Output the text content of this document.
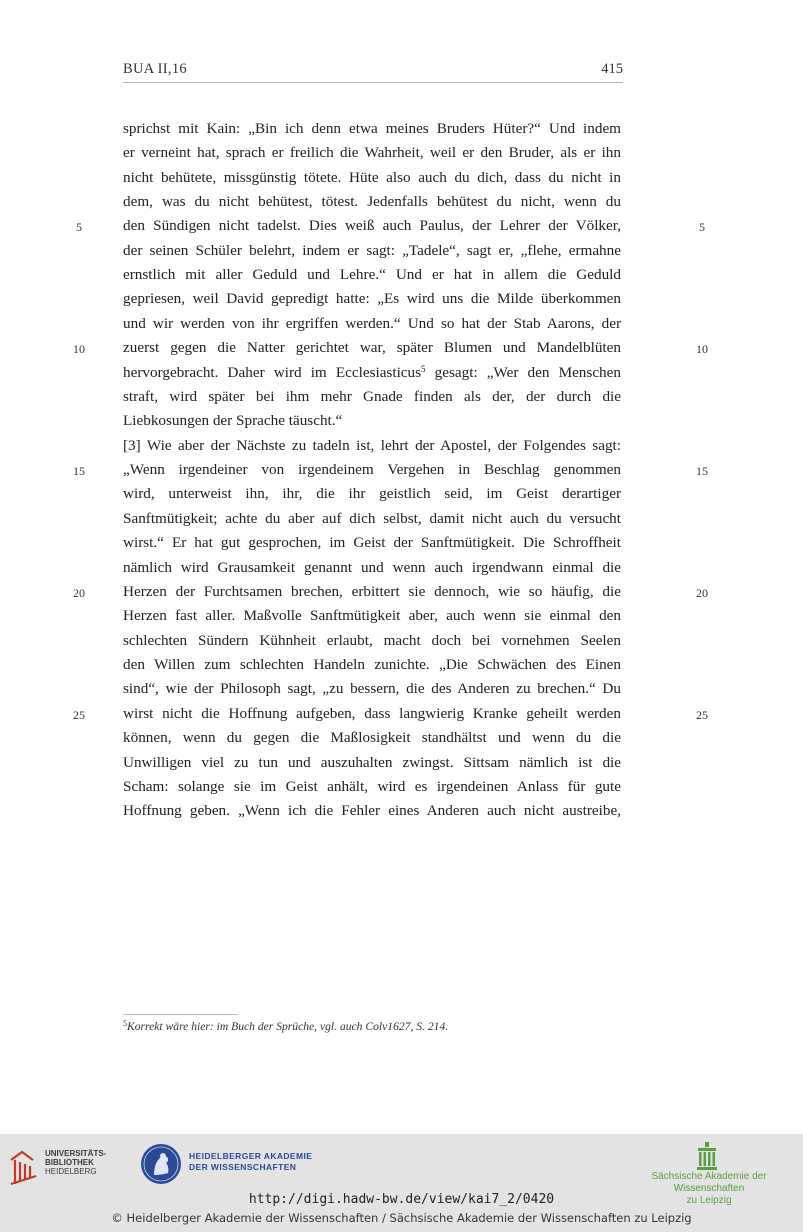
BUA II,16	415
sprichst mit Kain: „Bin ich denn etwa meines Bruders Hüter?“ Und indem
er verneint hat, sprach er freilich die Wahrheit, weil er den Bruder, als er ihn
nicht behütete, missgünstig tötete. Hüte also auch du dich, dass du nicht in
dem, was du nicht behütest, tötest. Jedenfalls behütest du nicht, wenn du
den Sündigen nicht tadelst. Dies weiß auch Paulus, der Lehrer der Völker,
der seinen Schüler belehrt, indem er sagt: „Tadele“, sagt er, „flehe, ermahne
ernstlich mit aller Geduld und Lehre.“ Und er hat in allem die Geduld
gepriesen, weil David gepredigt hatte: „Es wird uns die Milde überkommen
und wir werden von ihr ergriffen werden.“ Und so hat der Stab Aarons, der
zuerst gegen die Natter gerichtet war, später Blumen und Mandelblüten
hervorgebracht. Daher wird im Ecclesiasticus$^5$ gesagt: „Wer den Menschen
straft, wird später bei ihm mehr Gnade finden als der, der durch die
Liebkosungen der Sprache täuscht.“
[3] Wie aber der Nächste zu tadeln ist, lehrt der Apostel, der Folgendes sagt:
„Wenn irgendeiner von irgendeinem Vergehen in Beschlag genommen
wird, unterweist ihn, ihr, die ihr geistlich seid, im Geist derartiger
Sanftmütigkeit; achte du aber auf dich selbst, damit nicht auch du versucht
wirst.“ Er hat gut gesprochen, im Geist der Sanftmütigkeit. Die Schroffheit
nämlich wird Grausamkeit genannt und wenn auch irgendwann einmal die
Herzen der Furchtsamen brechen, erbittert sie dennoch, wie so häufig, die
Herzen fast aller. Maßvolle Sanftmütigkeit aber, auch wenn sie einmal den
schlechten Sündern Kühnheit erlaubt, macht doch bei vornehmen Seelen
den Willen zum schlechten Handeln zunichte. „Die Schwächen des Einen
sind“, wie der Philosoph sagt, „zu bessern, die des Anderen zu brechen.“ Du
wirst nicht die Hoffnung aufgeben, dass langwierig Kranke geheilt werden
können, wenn du gegen die Maßlosigkeit standhältst und wenn du die
Unwilligen viel zu tun und auszuhalten zwingst. Sittsam nämlich ist die
Scham: solange sie im Geist anhält, wird es irgendeinen Anlass für gute
Hoffnung geben. „Wenn ich die Fehler eines Anderen auch nicht austreibe,
5
10
15
20
25
5
10
15
20
25
$^5$Korrekt wäre hier: im Buch der Sprüche, vgl. auch Colv1627, S. 214.
UNIVERSITÄTS-
BIBLIOTHEK
HEIDELBERG
HEIDELBERGER AKADEMIE
DER WISSENSCHAFTEN
Sächsische Akademie der Wissenschaften
zu Leipzig
http://digi.hadw-bw.de/view/kai7_2/0420
© Heidelberger Akademie der Wissenschaften / Sächsische Akademie der Wissenschaften zu Leipzig
